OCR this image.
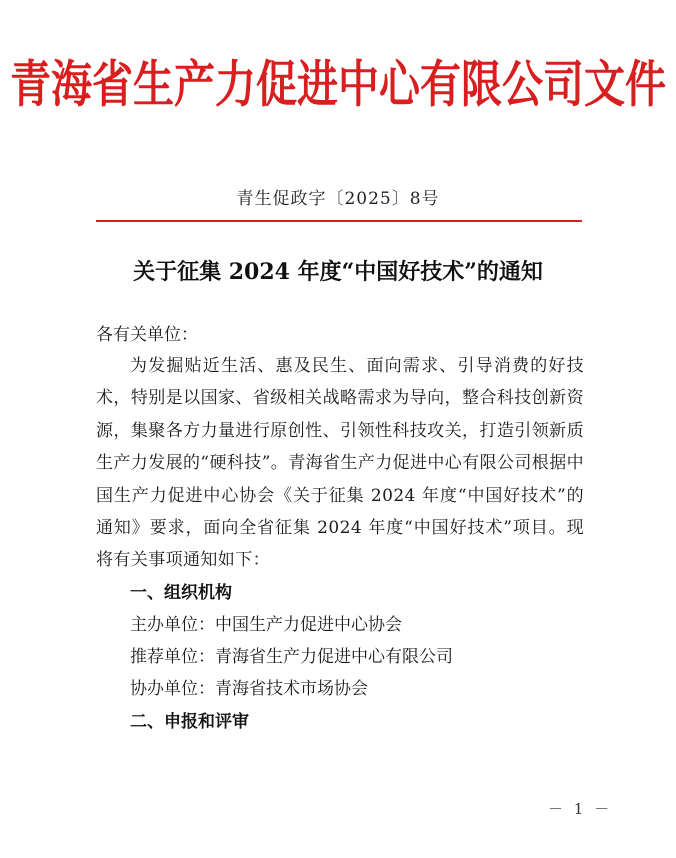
青海省生产力促进中心有限公司文件
青生促政字〔2025〕8号
关于征集 2024 年度“中国好技术”的通知
各有关单位：
为发掘贴近生活、惠及民生、面向需求、引导消费的好技术，特别是以国家、省级相关战略需求为导向，整合科技创新资源，集聚各方力量进行原创性、引领性科技攻关，打造引领新质生产力发展的“硬科技”。青海省生产力促进中心有限公司根据中国生产力促进中心协会《关于征集 2024 年度“中国好技术”的通知》要求，面向全省征集 2024 年度“中国好技术”项目。现将有关事项通知如下：
一、组织机构
主办单位：中国生产力促进中心协会
推荐单位：青海省生产力促进中心有限公司
协办单位：青海省技术市场协会
二、申报和评审
－ 1 －
